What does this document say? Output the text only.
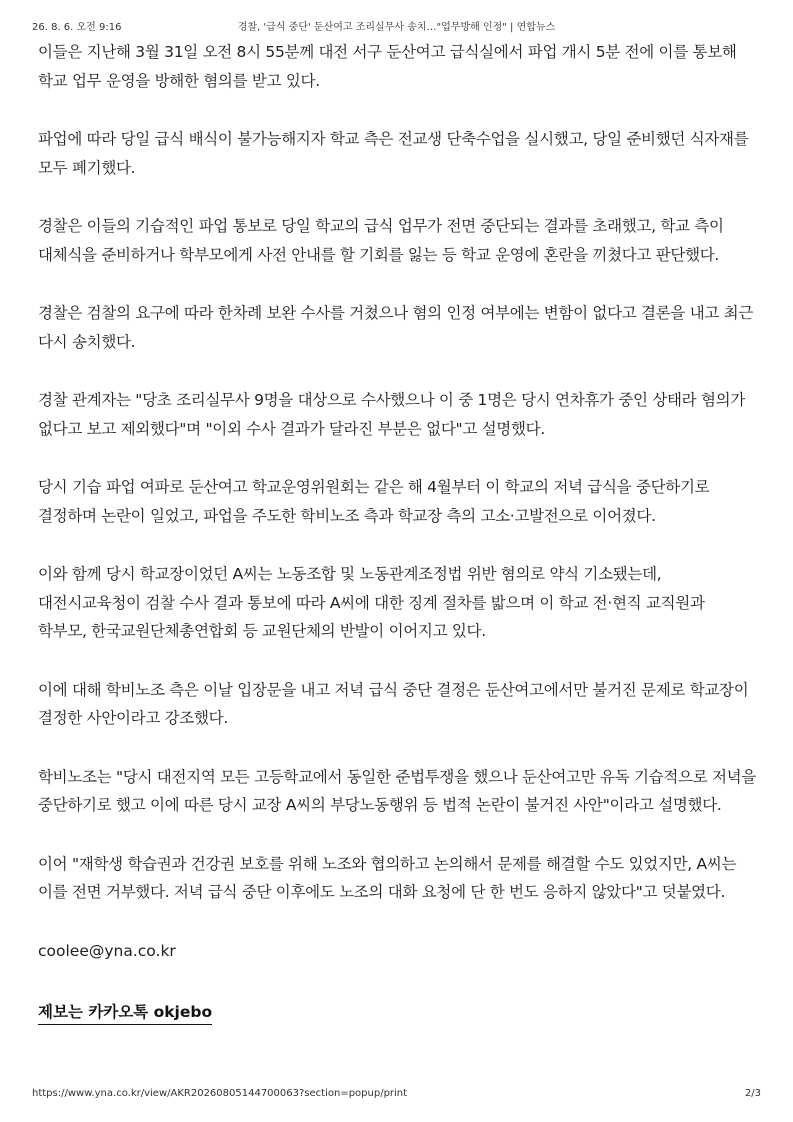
26. 8. 6. 오전 9:16	경찰, '급식 중단' 둔산여고 조리실무사 송치…"업무방해 인정" | 연합뉴스

이들은 지난해 3월 31일 오전 8시 55분께 대전 서구 둔산여고 급식실에서 파업 개시 5분 전에 이를 통보해 학교 업무 운영을 방해한 혐의를 받고 있다.

파업에 따라 당일 급식 배식이 불가능해지자 학교 측은 전교생 단축수업을 실시했고, 당일 준비했던 식자재를 모두 폐기했다.

경찰은 이들의 기습적인 파업 통보로 당일 학교의 급식 업무가 전면 중단되는 결과를 초래했고, 학교 측이 대체식을 준비하거나 학부모에게 사전 안내를 할 기회를 잃는 등 학교 운영에 혼란을 끼쳤다고 판단했다.

경찰은 검찰의 요구에 따라 한차례 보완 수사를 거쳤으나 혐의 인정 여부에는 변함이 없다고 결론을 내고 최근 다시 송치했다.

경찰 관계자는 "당초 조리실무사 9명을 대상으로 수사했으나 이 중 1명은 당시 연차휴가 중인 상태라 혐의가 없다고 보고 제외했다"며 "이외 수사 결과가 달라진 부분은 없다"고 설명했다.

당시 기습 파업 여파로 둔산여고 학교운영위원회는 같은 해 4월부터 이 학교의 저녁 급식을 중단하기로 결정하며 논란이 일었고, 파업을 주도한 학비노조 측과 학교장 측의 고소·고발전으로 이어졌다.

이와 함께 당시 학교장이었던 A씨는 노동조합 및 노동관계조정법 위반 혐의로 약식 기소됐는데, 대전시교육청이 검찰 수사 결과 통보에 따라 A씨에 대한 징계 절차를 밟으며 이 학교 전·현직 교직원과 학부모, 한국교원단체총연합회 등 교원단체의 반발이 이어지고 있다.

이에 대해 학비노조 측은 이날 입장문을 내고 저녁 급식 중단 결정은 둔산여고에서만 불거진 문제로 학교장이 결정한 사안이라고 강조했다.

학비노조는 "당시 대전지역 모든 고등학교에서 동일한 준법투쟁을 했으나 둔산여고만 유독 기습적으로 저녁을 중단하기로 했고 이에 따른 당시 교장 A씨의 부당노동행위 등 법적 논란이 불거진 사안"이라고 설명했다.

이어 "재학생 학습권과 건강권 보호를 위해 노조와 협의하고 논의해서 문제를 해결할 수도 있었지만, A씨는 이를 전면 거부했다. 저녁 급식 중단 이후에도 노조의 대화 요청에 단 한 번도 응하지 않았다"고 덧붙였다.

coolee@yna.co.kr

제보는 카카오톡 okjebo
https://www.yna.co.kr/view/AKR20260805144700063?section=popup/print	2/3
